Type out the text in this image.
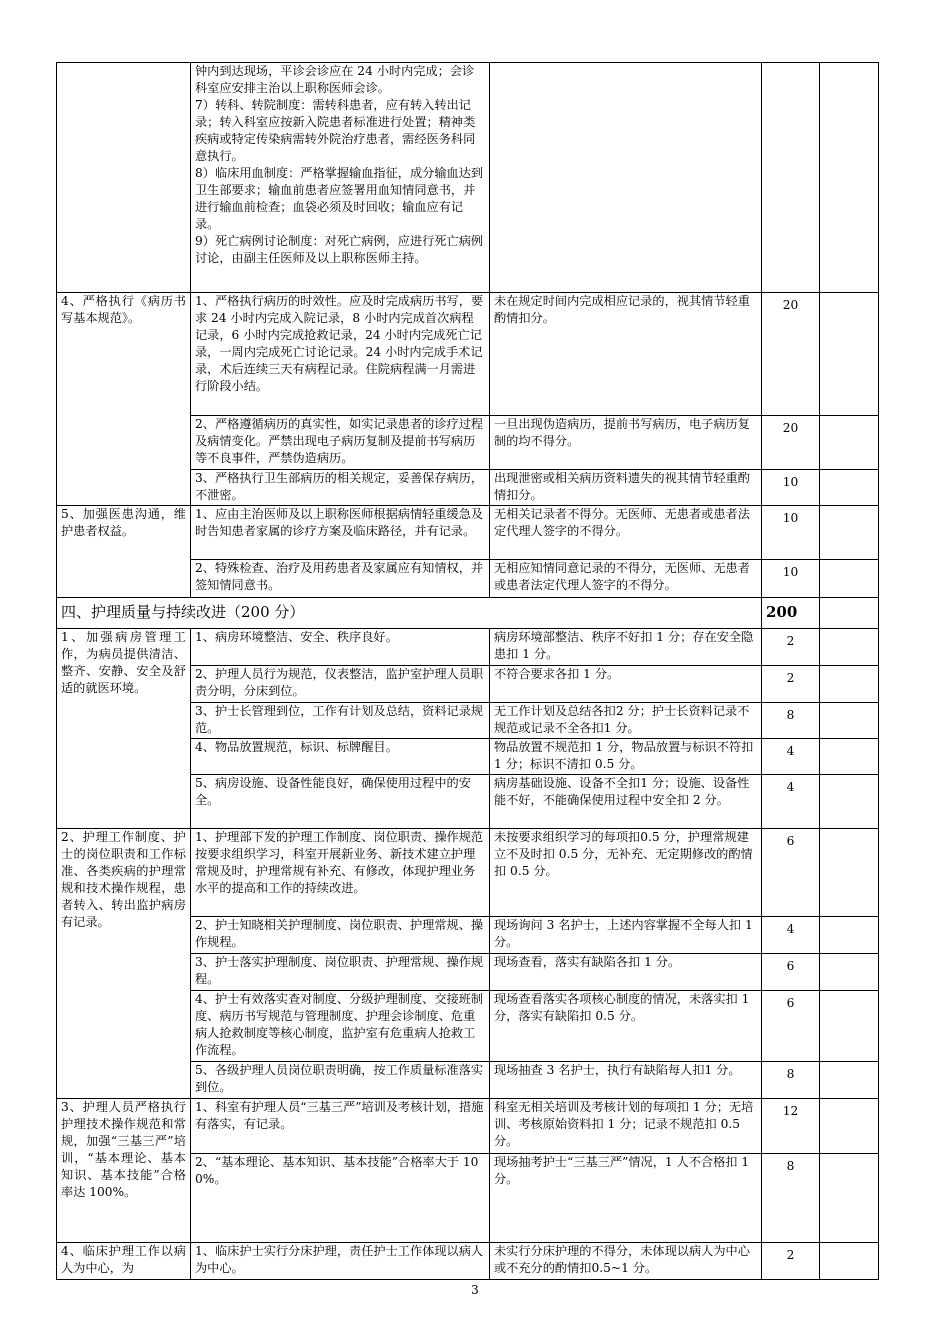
	钟内到达现场，平诊会诊应在 24 小时内完成；会诊科室应安排主治以上职称医师会诊。
7）转科、转院制度：需转科患者，应有转入转出记录；转入科室应按新入院患者标准进行处置；精神类疾病或特定传染病需转外院治疗患者，需经医务科同意执行。
8）临床用血制度：严格掌握输血指征，成分输血达到卫生部要求；输血前患者应签署用血知情同意书，并进行输血前检查；血袋必须及时回收；输血应有记录。
9）死亡病例讨论制度：对死亡病例，应进行死亡病例讨论，由副主任医师及以上职称医师主持。			
4、严格执行《病历书写基本规范》。	1、严格执行病历的时效性。应及时完成病历书写，要求 24 小时内完成入院记录，8 小时内完成首次病程记录，6 小时内完成抢救记录，24 小时内完成死亡记录，一周内完成死亡讨论记录。24 小时内完成手术记录，术后连续三天有病程记录。住院病程满一月需进行阶段小结。	未在规定时间内完成相应记录的，视其情节轻重酌情扣分。	20	
	2、严格遵循病历的真实性，如实记录患者的诊疗过程及病情变化。严禁出现电子病历复制及提前书写病历等不良事件，严禁伪造病历。	一旦出现伪造病历，提前书写病历，电子病历复制的均不得分。	20	
	3、严格执行卫生部病历的相关规定，妥善保存病历，不泄密。	出现泄密或相关病历资料遗失的视其情节轻重酌情扣分。	10	
5、加强医患沟通，维护患者权益。	1、应由主治医师及以上职称医师根据病情轻重缓急及时告知患者家属的诊疗方案及临床路径，并有记录。	无相关记录者不得分。无医师、无患者或患者法定代理人签字的不得分。	10	
	2、特殊检查、治疗及用药患者及家属应有知情权，并签知情同意书。	无相应知情同意记录的不得分，无医师、无患者或患者法定代理人签字的不得分。	10	
四、护理质量与持续改进（200 分）			200	
1、加强病房管理工作，为病员提供清洁、整齐、安静、安全及舒适的就医环境。	1、病房环境整洁、安全、秩序良好。	病房环境部整洁、秩序不好扣 1 分；存在安全隐患扣 1 分。	2	
	2、护理人员行为规范，仪表整洁，监护室护理人员职责分明，分床到位。	不符合要求各扣 1 分。	2	
	3、护士长管理到位，工作有计划及总结，资料记录规范。	无工作计划及总结各扣2 分；护士长资料记录不规范或记录不全各扣1 分。	8	
	4、物品放置规范，标识、标牌醒目。	物品放置不规范扣 1 分，物品放置与标识不符扣 1 分；标识不清扣 0.5 分。	4	
	5、病房设施、设备性能良好，确保使用过程中的安全。	病房基础设施、设备不全扣1 分；设施、设备性能不好，不能确保使用过程中安全扣 2 分。	4	
2、护理工作制度、护士的岗位职责和工作标准、各类疾病的护理常规和技术操作规程，患者转入、转出监护病房有记录。	1、护理部下发的护理工作制度、岗位职责、操作规范按要求组织学习，科室开展新业务、新技术建立护理常规及时，护理常规有补充、有修改，体现护理业务水平的提高和工作的持续改进。	未按要求组织学习的每项扣0.5 分，护理常规建立不及时扣 0.5 分，无补充、无定期修改的酌情扣 0.5 分。	6	
	2、护士知晓相关护理制度、岗位职责、护理常规、操作规程。	现场询问 3 名护士，上述内容掌握不全每人扣 1 分。	4	
	3、护士落实护理制度、岗位职责、护理常规、操作规程。	现场查看，落实有缺陷各扣 1 分。	6	
	4、护士有效落实查对制度、分级护理制度、交接班制度、病历书写规范与管理制度、护理会诊制度、危重病人抢救制度等核心制度，监护室有危重病人抢救工作流程。	现场查看落实各项核心制度的情况，未落实扣 1 分，落实有缺陷扣 0.5 分。	6	
	5、各级护理人员岗位职责明确，按工作质量标准落实到位。	现场抽查 3 名护士，执行有缺陷每人扣1 分。	8	
3、护理人员严格执行护理技术操作规范和常规，加强“三基三严”培训，“基本理论、基本知识、基本技能”合格率达 100%。	1、科室有护理人员“三基三严”培训及考核计划，措施有落实，有记录。	科室无相关培训及考核计划的每项扣 1 分；无培训、考核原始资料扣 1 分；记录不规范扣 0.5 分。	12	
	2、“基本理论、基本知识、基本技能”合格率大于 100%。	现场抽考护士“三基三严”情况，1 人不合格扣 1 分。	8	
4、临床护理工作以病人为中心，为	1、临床护士实行分床护理，责任护士工作体现以病人为中心。	未实行分床护理的不得分，未体现以病人为中心或不充分的酌情扣0.5~1 分。	2	
3
